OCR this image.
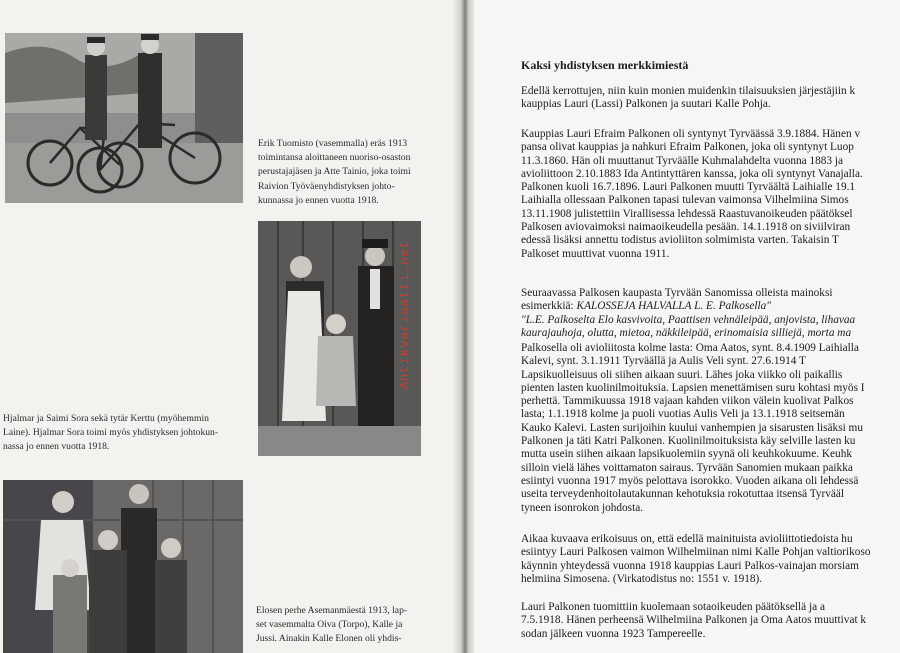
Erik Tuomisto (vasemmalla) eräs 1913
toimintansa aloittaneen nuoriso-osaston
perustajajäsen ja Atte Tainio, joka toimi
Raivion Työväenyhdistyksen johto-
kunnassa jo ennen vuotta 1918.
Hjalmar ja Saimi Sora sekä tytär Kerttu (myöhemmin
Laine). Hjalmar Sora toimi myös yhdistyksen johtokun-
nassa jo ennen vuotta 1918.
Elosen perhe Asemanmäestä 1913, lap-
set vasemmalta Oiva (Torpo), Kalle ja
Jussi. Ainakin Kalle Elonen oli yhdis-
Antikvariaatti.net
Kaksi yhdistyksen merkkimiestä
Edellä kerrottujen, niin kuin monien muidenkin tilaisuuksien järjestäjiin k
kauppias Lauri (Lassi) Palkonen ja suutari Kalle Pohja.
Kauppias Lauri Efraim Palkonen oli syntynyt Tyrväässä 3.9.1884. Hänen v
pansa olivat kauppias ja nahkuri Efraim Palkonen, joka oli syntynyt Luop
11.3.1860. Hän oli muuttanut Tyrväälle Kuhmalahdelta vuonna 1883 ja
avioliittoon 2.10.1883 Ida Antintyttären kanssa, joka oli syntynyt Vanajalla.
Palkonen kuoli 16.7.1896. Lauri Palkonen muutti Tyrväältä Laihialle 19.1
Laihialla ollessaan Palkonen tapasi tulevan vaimonsa Vilhelmiina Simos
13.11.1908 julistettiin Virallisessa lehdessä Raastuvanoikeuden päätöksel
Palkosen aviovaimoksi naimaoikeudella pesään. 14.1.1918 on siviilviran
edessä lisäksi annettu todistus avioliiton solmimista varten. Takaisin T
Palkoset muuttivat vuonna 1911.
Seuraavassa Palkosen kaupasta Tyrvään Sanomissa olleista mainoksi
esimerkkiä: KALOSSEJA HALVALLA L. E. Palkosella"
"L.E. Palkoselta Elo kasvivoita, Paattisen vehnäleipää, anjovista, lihavaa
kaurajauhoja, olutta, mietoa, näkkileipää, erinomaisia silliejä, morta ma
Palkosella oli avioliitosta kolme lasta: Oma Aatos, synt. 8.4.1909 Laihialla
Kalevi, synt. 3.1.1911 Tyrväällä ja Aulis Veli synt. 27.6.1914 T
Lapsikuolleisuus oli siihen aikaan suuri. Lähes joka viikko oli paikallis
pienten lasten kuolinilmoituksia. Lapsien menettämisen suru kohtasi myös I
perhettä. Tammikuussa 1918 vajaan kahden viikon välein kuolivat Palkos
lasta; 1.1.1918 kolme ja puoli vuotias Aulis Veli ja 13.1.1918 seitsemän
Kauko Kalevi. Lasten surijoihin kuului vanhempien ja sisarusten lisäksi mu
Palkonen ja täti Katri Palkonen. Kuolinilmoituksista käy selville lasten ku
mutta usein siihen aikaan lapsikuolemiin syynä oli keuhkokuume. Keuhk
silloin vielä lähes voittamaton sairaus. Tyrvään Sanomien mukaan paikka
esiintyi vuonna 1917 myös pelottava isorokko. Vuoden aikana oli lehdessä
useita terveydenhoitolautakunnan kehotuksia rokotuttaa itsensä Tyrvääl
tyneen isonrokon johdosta.
Aikaa kuvaava erikoisuus on, että edellä mainituista avioliittotiedoista hu
esiintyy Lauri Palkosen vaimon Wilhelmiinan nimi Kalle Pohjan valtiorikoso
käynnin yhteydessä vuonna 1918 kauppias Lauri Palkos-vainajan morsiam
helmiina Simosena. (Virkatodistus no: 1551 v. 1918).
Lauri Palkonen tuomittiin kuolemaan sotaoikeuden päätöksellä ja a
7.5.1918. Hänen perheensä Wilhelmiina Palkonen ja Oma Aatos muuttivat k
sodan jälkeen vuonna 1923 Tampereelle.
